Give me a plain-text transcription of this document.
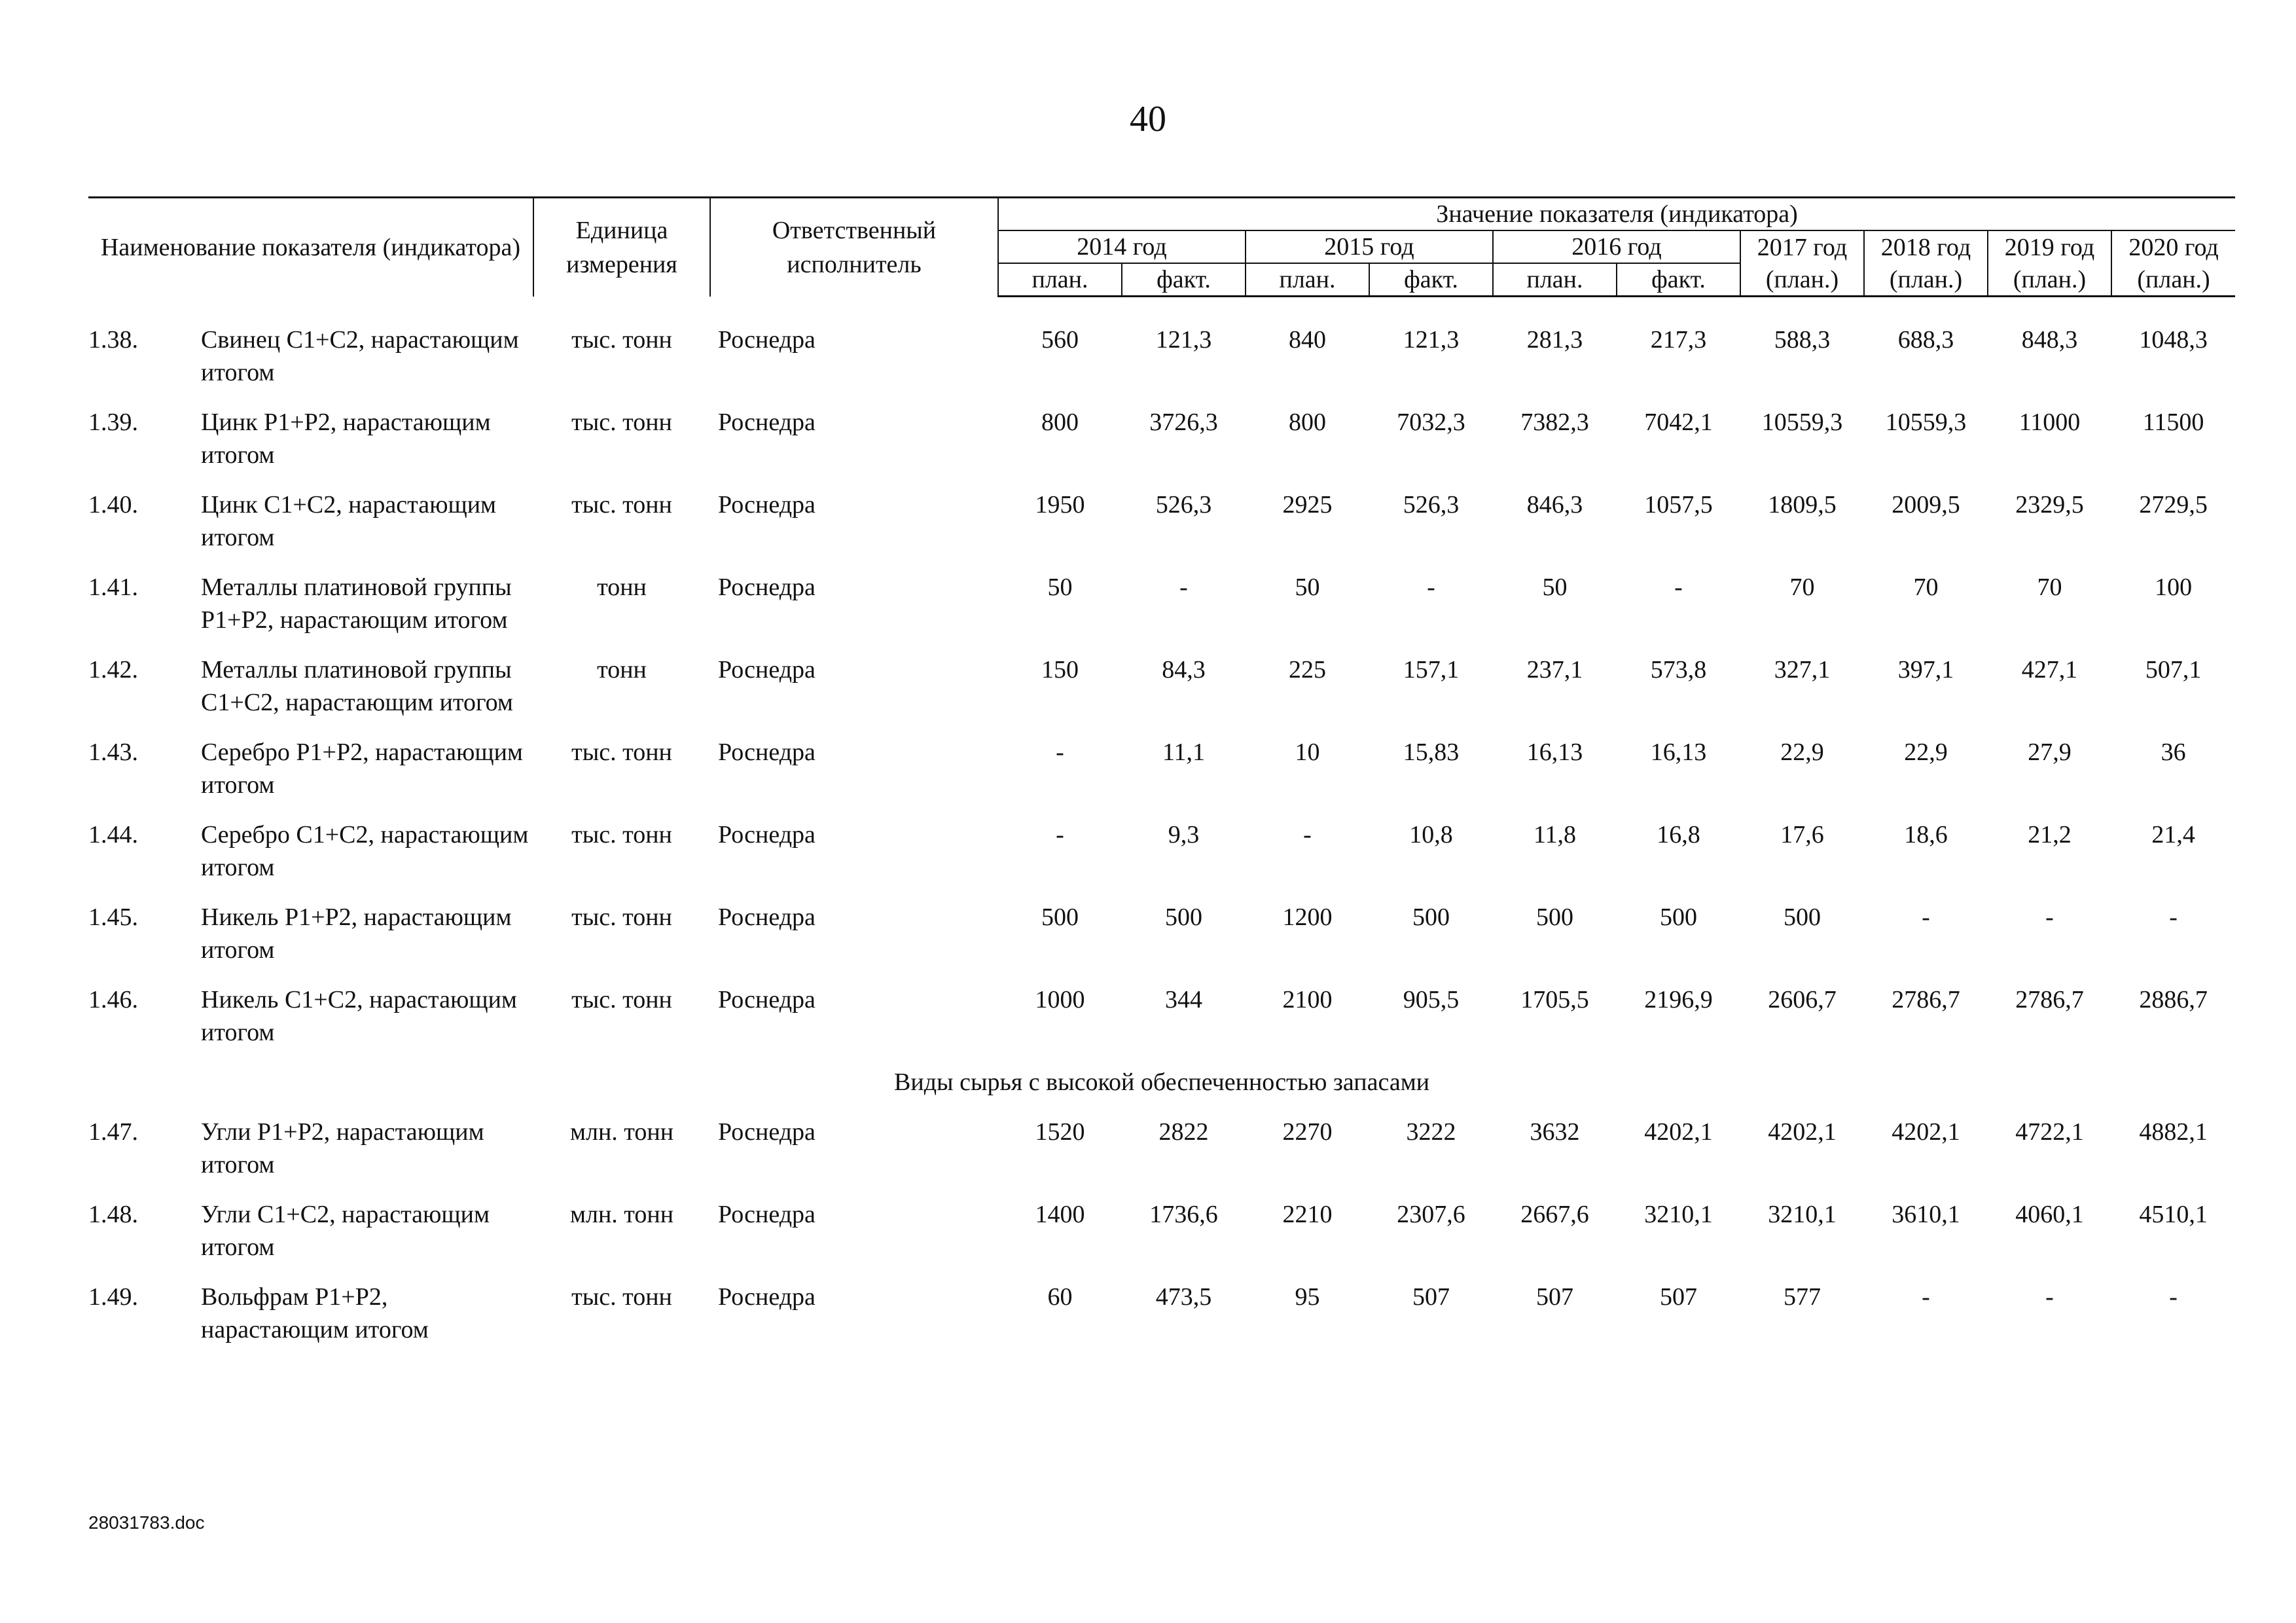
40
Наименование показателя (индикатора)		Единица измерения	Ответственный исполнитель	Значение показателя (индикатора)									
				2014 год		2015 год		2016 год		2017 год	2018 год	2019 год	2020 год
				план.	факт.	план.	факт.	план.	факт.	(план.)	(план.)	(план.)	(план.)

1.38.	Свинец С1+С2, нарастающим итогом	тыс. тонн	Роснедра	560	121,3	840	121,3	281,3	217,3	588,3	688,3	848,3	1048,3
1.39.	Цинк Р1+Р2, нарастающим итогом	тыс. тонн	Роснедра	800	3726,3	800	7032,3	7382,3	7042,1	10559,3	10559,3	11000	11500
1.40.	Цинк С1+С2, нарастающим итогом	тыс. тонн	Роснедра	1950	526,3	2925	526,3	846,3	1057,5	1809,5	2009,5	2329,5	2729,5
1.41.	Металлы платиновой группы Р1+Р2, нарастающим итогом	тонн	Роснедра	50	-	50	-	50	-	70	70	70	100
1.42.	Металлы платиновой группы С1+С2, нарастающим итогом	тонн	Роснедра	150	84,3	225	157,1	237,1	573,8	327,1	397,1	427,1	507,1
1.43.	Серебро Р1+Р2, нарастающим итогом	тыс. тонн	Роснедра	-	11,1	10	15,83	16,13	16,13	22,9	22,9	27,9	36
1.44.	Серебро С1+С2, нарастающим итогом	тыс. тонн	Роснедра	-	9,3	-	10,8	11,8	16,8	17,6	18,6	21,2	21,4
1.45.	Никель Р1+Р2, нарастающим итогом	тыс. тонн	Роснедра	500	500	1200	500	500	500	500	-	-	-
1.46.	Никель С1+С2, нарастающим итогом	тыс. тонн	Роснедра	1000	344	2100	905,5	1705,5	2196,9	2606,7	2786,7	2786,7	2886,7
Виды сырья с высокой обеспеченностью запасами													
1.47.	Угли Р1+Р2, нарастающим итогом	млн. тонн	Роснедра	1520	2822	2270	3222	3632	4202,1	4202,1	4202,1	4722,1	4882,1
1.48.	Угли С1+С2, нарастающим итогом	млн. тонн	Роснедра	1400	1736,6	2210	2307,6	2667,6	3210,1	3210,1	3610,1	4060,1	4510,1
1.49.	Вольфрам Р1+Р2, нарастающим итогом	тыс. тонн	Роснедра	60	473,5	95	507	507	507	577	-	-	-
28031783.doc
